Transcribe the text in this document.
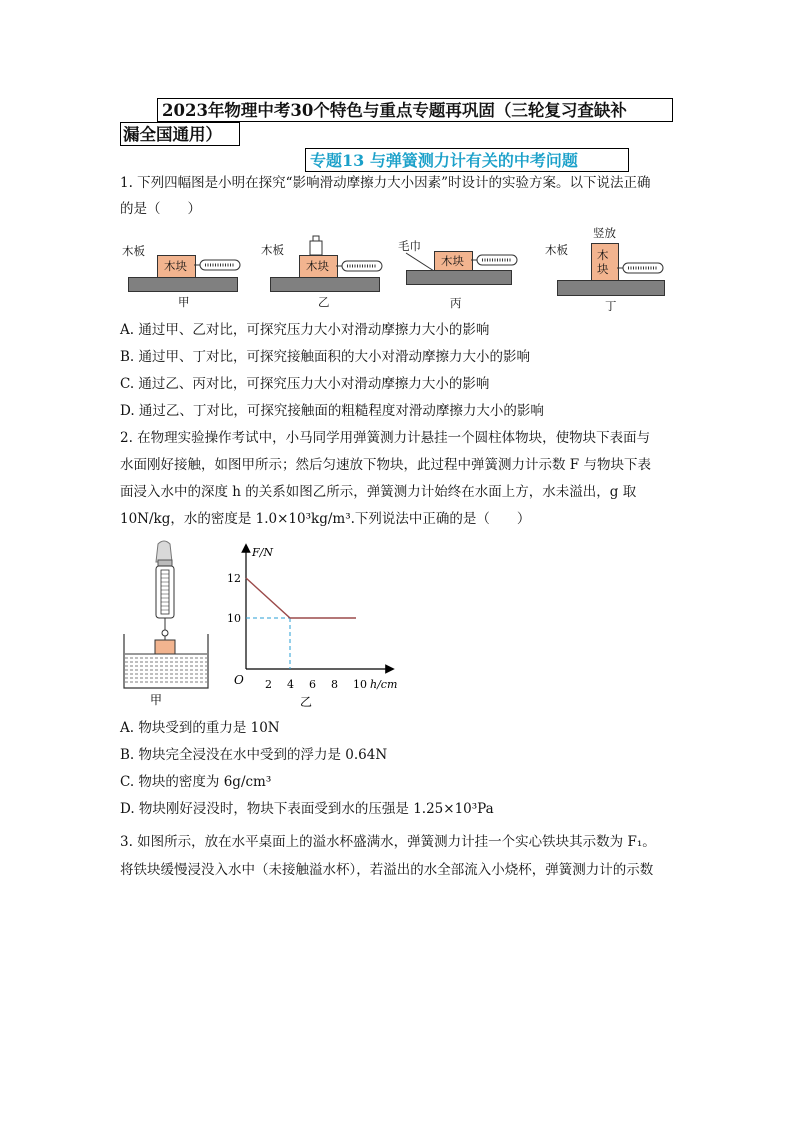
2023年物理中考30个特色与重点专题再巩固（三轮复习查缺补
漏全国通用）
专题13 与弹簧测力计有关的中考问题
1. 下列四幅图是小明在探究“影响滑动摩擦力大小因素”时设计的实验方案。以下说法正确
的是（　　）
木板
木块
甲
木板
木块
乙
毛巾
木块
丙
竖放
木板	木
块
丁
A. 通过甲、乙对比，可探究压力大小对滑动摩擦力大小的影响
B. 通过甲、丁对比，可探究接触面积的大小对滑动摩擦力大小的影响
C. 通过乙、丙对比，可探究压力大小对滑动摩擦力大小的影响
D. 通过乙、丁对比，可探究接触面的粗糙程度对滑动摩擦力大小的影响
2. 在物理实验操作考试中，小马同学用弹簧测力计悬挂一个圆柱体物块，使物块下表面与
水面刚好接触，如图甲所示；然后匀速放下物块，此过程中弹簧测力计示数 F 与物块下表
面浸入水中的深度 h 的关系如图乙所示，弹簧测力计始终在水面上方，水未溢出，g 取
10N/kg，水的密度是 1.0×10³kg/m³.下列说法中正确的是（　　）
甲
F/N
h/cm
O 2 4 6 8 10
10
12
乙
A. 物块受到的重力是 10N
B. 物块完全浸没在水中受到的浮力是 0.64N
C. 物块的密度为 6g/cm³
D. 物块刚好浸没时，物块下表面受到水的压强是 1.25×10³Pa
3. 如图所示，放在水平桌面上的溢水杯盛满水，弹簧测力计挂一个实心铁块其示数为 F₁。
将铁块缓慢浸没入水中（未接触溢水杯），若溢出的水全部流入小烧杯，弹簧测力计的示数
